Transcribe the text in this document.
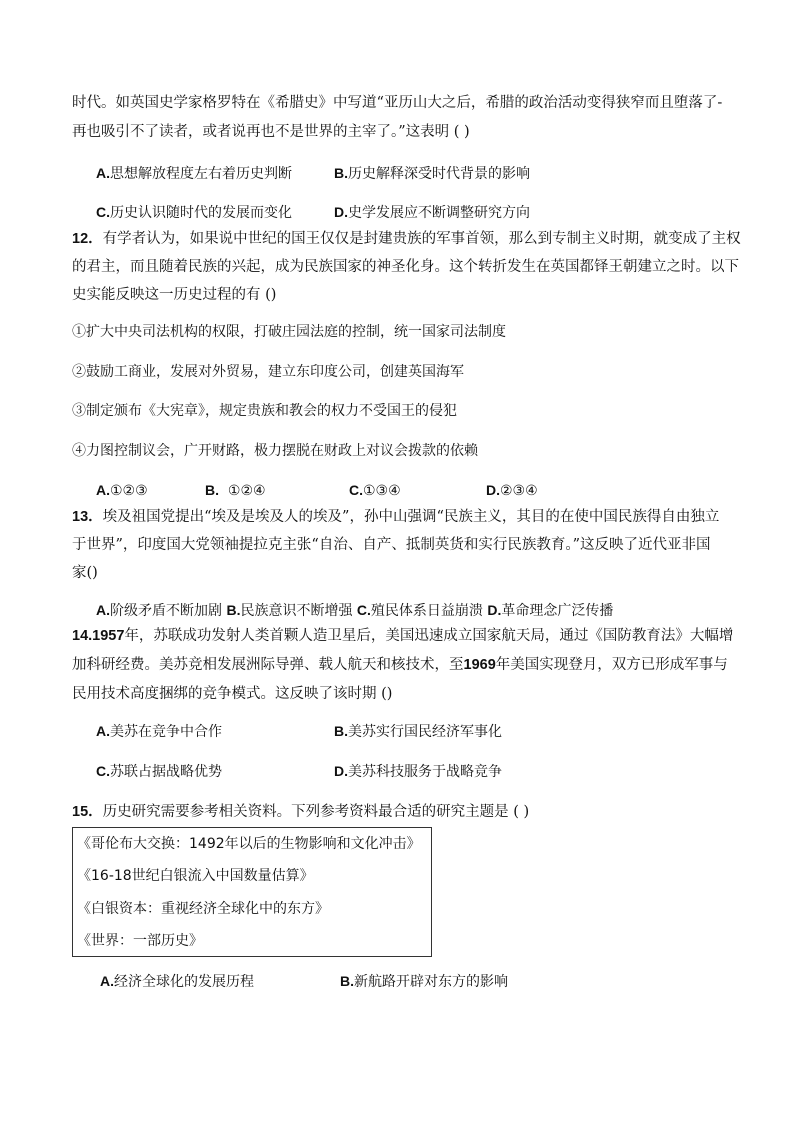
时代。如英国史学家格罗特在《希腊史》中写道“亚历山大之后，希腊的政治活动变得狭窄而且堕落了-
再也吸引不了读者，或者说再也不是世界的主宰了。”这表明 ( )
A.思想解放程度左右着历史判断	B.历史解释深受时代背景的影响
C.历史认识随时代的发展而变化	D.史学发展应不断调整研究方向
12．有学者认为，如果说中世纪的国王仅仅是封建贵族的军事首领，那么到专制主义时期，就变成了主权
的君主，而且随着民族的兴起，成为民族国家的神圣化身。这个转折发生在英国都铎王朝建立之时。以下
史实能反映这一历史过程的有 ()
①扩大中央司法机构的权限，打破庄园法庭的控制，统一国家司法制度
②鼓励工商业，发展对外贸易，建立东印度公司，创建英国海军
③制定颁布《大宪章》，规定贵族和教会的权力不受国王的侵犯
④力图控制议会，广开财路，极力摆脱在财政上对议会拨款的依赖
A.①②③	B. ①②④	C.①③④	D.②③④
13．埃及祖国党提出“埃及是埃及人的埃及”，孙中山强调“民族主义，其目的在使中国民族得自由独立
于世界”，印度国大党领袖提拉克主张“自治、自产、抵制英货和实行民族教育。”这反映了近代亚非国
家()
A.阶级矛盾不断加剧 B.民族意识不断增强 C.殖民体系日益崩溃 D.革命理念广泛传播
14.1957年，苏联成功发射人类首颗人造卫星后，美国迅速成立国家航天局，通过《国防教育法》大幅增
加科研经费。美苏竞相发展洲际导弹、载人航天和核技术，至1969年美国实现登月，双方已形成军事与
民用技术高度捆绑的竞争模式。这反映了该时期 ()
A.美苏在竞争中合作	B.美苏实行国民经济军事化
C.苏联占据战略优势	D.美苏科技服务于战略竞争
15．历史研究需要参考相关资料。下列参考资料最合适的研究主题是 ( )
《哥伦布大交换：1492年以后的生物影响和文化冲击》
《16-18世纪白银流入中国数量估算》
《白银资本：重视经济全球化中的东方》
《世界：一部历史》
A.经济全球化的发展历程	B.新航路开辟对东方的影响
